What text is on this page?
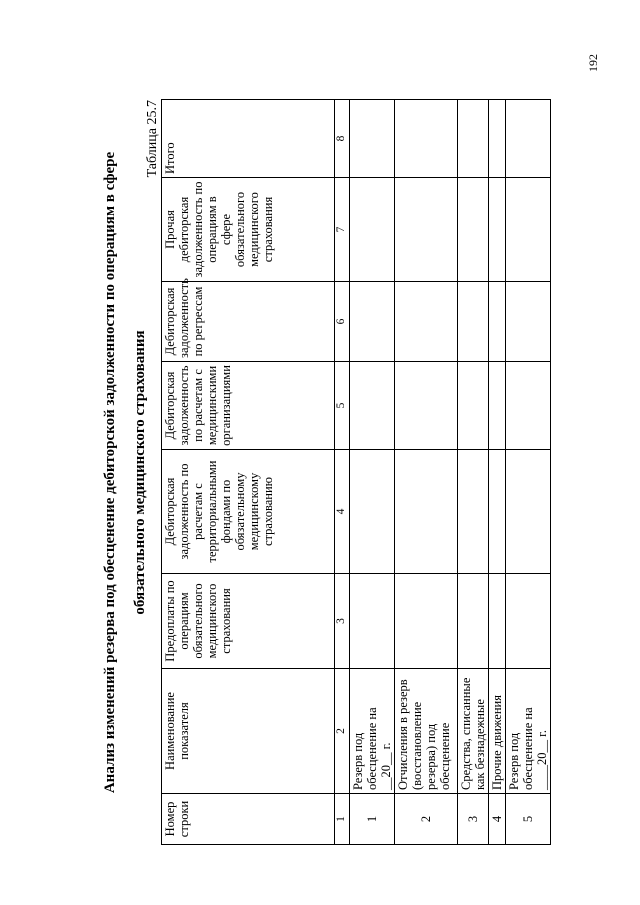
192
Анализ изменений резерва под обесценение дебиторской задолженности по операциям в сфере обязательного медицинского страхования
Таблица 25.7
Номер строки	Наименование показателя	Предоплаты по операциям обязательного медицинского страхования	Дебиторская задолженность по расчетам с территориальными фондами по обязательному медицинскому страхованию	Дебиторская задолженность по расчетам с медицинскими организациями	Дебиторская задолженность по регрессам	Прочая дебиторская задолженность по операциям в сфере обязательного медицинского страхования	Итого
1	2	3	4	5	6	7	8
1	Резерв под обесценение на __20__ г.						
2	Отчисления в резерв (восстановление резерва) под обесценение						
3	Средства, списанные как безнадежные						
4	Прочие движения						
5	Резерв под обесценение на ____20__ г.						
